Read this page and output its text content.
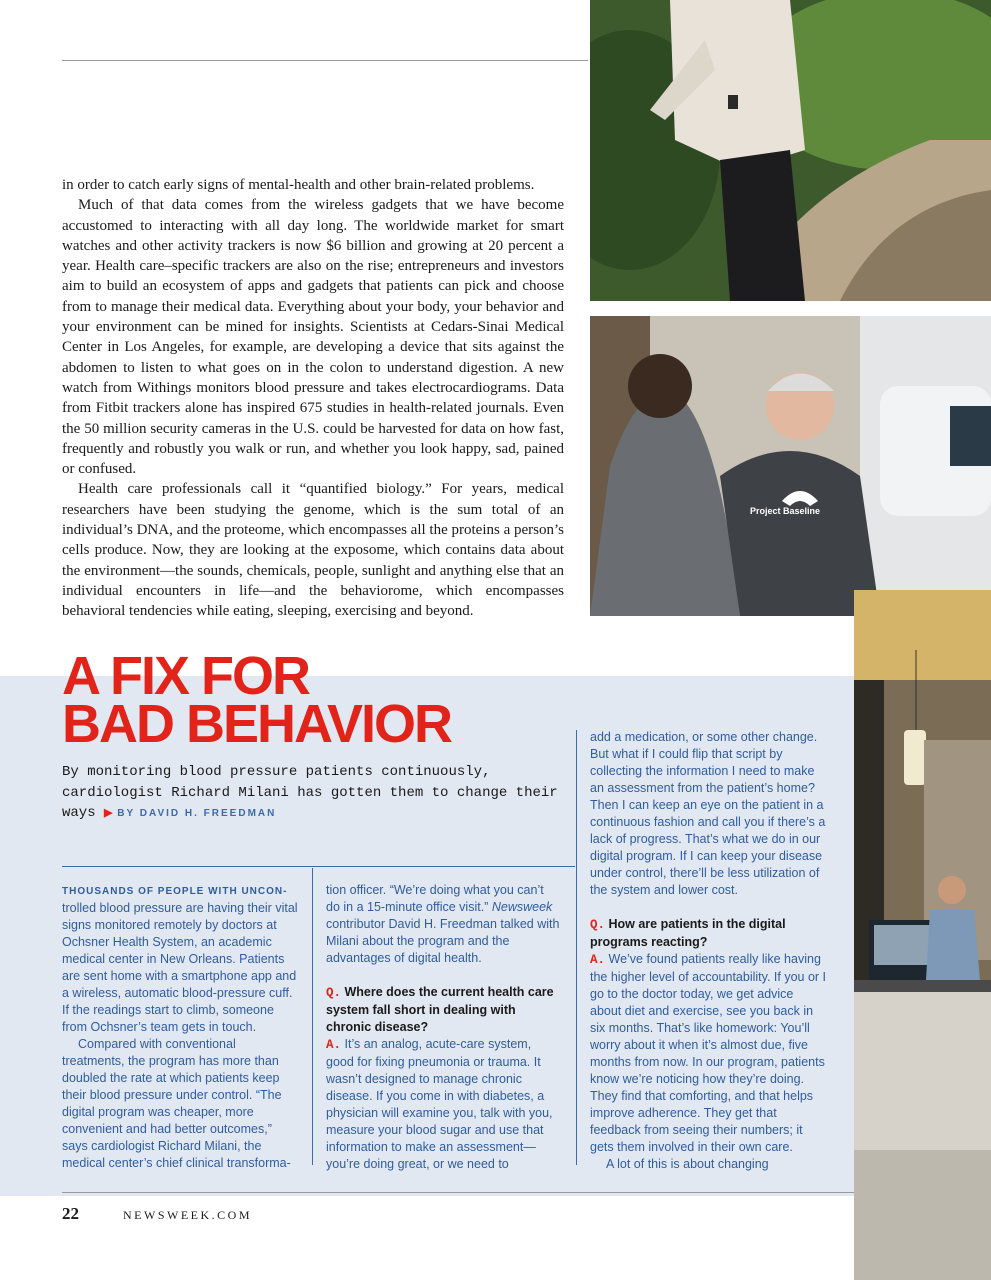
Project Baseline

in order to catch early signs of mental-health and other brain-related problems.

Much of that data comes from the wireless gadgets that we have become accustomed to interacting with all day long. The worldwide market for smart watches and other activity trackers is now $6 billion and growing at 20 percent a year. Health care–specific trackers are also on the rise; entrepreneurs and investors aim to build an ecosystem of apps and gadgets that patients can pick and choose from to manage their medical data. Everything about your body, your behavior and your environment can be mined for insights. Scientists at Cedars-Sinai Medical Center in Los Angeles, for example, are developing a device that sits against the abdomen to listen to what goes on in the colon to understand digestion. A new watch from Withings monitors blood pressure and takes electrocardiograms. Data from Fitbit trackers alone has inspired 675 studies in health-related journals. Even the 50 million security cameras in the U.S. could be harvested for data on how fast, frequently and robustly you walk or run, and whether you look happy, sad, pained or confused.

Health care professionals call it “quantified biology.” For years, medical researchers have been studying the genome, which is the sum total of an individual’s DNA, and the proteome, which encompasses all the proteins a person’s cells produce. Now, they are looking at the exposome, which contains data about the environment—the sounds, chemicals, people, sunlight and anything else that an individual encounters in life—and the behaviorome, which encompasses behavioral tendencies while eating, sleeping, exercising and beyond.

A FIX FOR
BAD BEHAVIOR
By monitoring blood pressure patients continuously, cardiologist Richard Milani has gotten them to change their ways ▶ BY DAVID H. FREEDMAN

THOUSANDS OF PEOPLE WITH UNCON- trolled blood pressure are having their vital signs monitored remotely by doctors at Ochsner Health System, an academic medical center in New Orleans. Patients are sent home with a smartphone app and a wireless, automatic blood-pressure cuff. If the readings start to climb, someone from Ochsner’s team gets in touch.

Compared with conventional treatments, the program has more than doubled the rate at which patients keep their blood pressure under control. “The digital program was cheaper, more convenient and had better outcomes,” says cardiologist Richard Milani, the medical center’s chief clinical transforma-

tion officer. “We’re doing what you can’t do in a 15-minute office visit.” Newsweek contributor David H. Freedman talked with Milani about the program and the advantages of digital health.

Q. Where does the current health care system fall short in dealing with chronic disease?

A. It’s an analog, acute-care system, good for fixing pneumonia or trauma. It wasn’t designed to manage chronic disease. If you come in with diabetes, a physician will examine you, talk with you, measure your blood sugar and use that information to make an assessment—you’re doing great, or we need to

add a medication, or some other change. But what if I could flip that script by collecting the information I need to make an assessment from the patient’s home? Then I can keep an eye on the patient in a continuous fashion and call you if there’s a lack of progress. That’s what we do in our digital program. If I can keep your disease under control, there’ll be less utilization of the system and lower cost.

Q. How are patients in the digital programs reacting?

A. We’ve found patients really like having the higher level of accountability. If you or I go to the doctor today, we get advice about diet and exercise, see you back in six months. That’s like homework: You’ll worry about it when it’s almost due, five months from now. In our program, patients know we’re noticing how they’re doing. They find that comforting, and that helps improve adherence. They get that feedback from seeing their numbers; it gets them involved in their own care.

A lot of this is about changing

22	NEWSWEEK.COM
